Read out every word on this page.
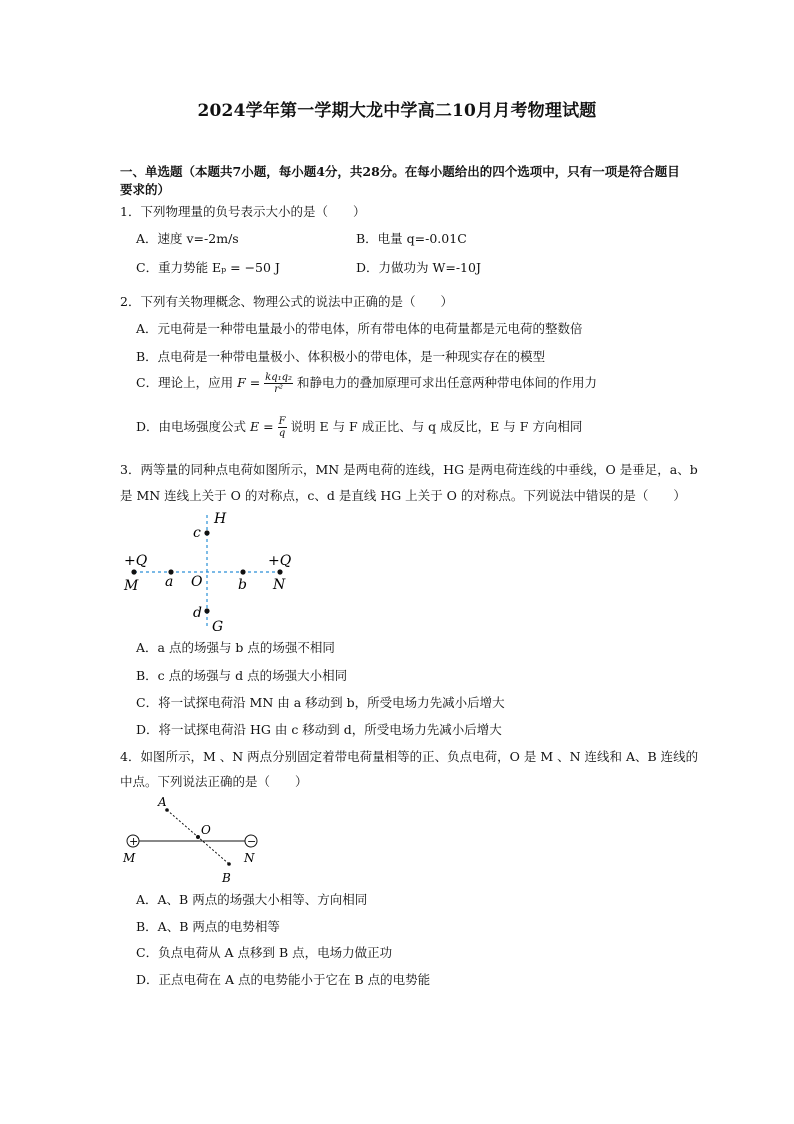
2024学年第一学期大龙中学高二10月月考物理试题
一、单选题（本题共7小题，每小题4分，共28分。在每小题给出的四个选项中，只有一项是符合题目
要求的）
1．下列物理量的负号表示大小的是（　　）
A．速度 v=-2m/s	B．电量 q=-0.01C
C．重力势能 Eₚ = −50 J	D．力做功为 W=-10J
2．下列有关物理概念、物理公式的说法中正确的是（　　）
A．元电荷是一种带电量最小的带电体，所有带电体的电荷量都是元电荷的整数倍
B．点电荷是一种带电量极小、体积极小的带电体，是一种现实存在的模型
C．理论上，应用 $F = \frac{\text{kq₁q₂}}{\text{r²}}$ 和静电力的叠加原理可求出任意两种带电体间的作用力
D．由电场强度公式 $E = \frac{F}{q}$ 说明 E 与 F 成正比、与 q 成反比，E 与 F 方向相同
3．两等量的同种点电荷如图所示，MN 是两电荷的连线，HG 是两电荷连线的中垂线，O 是垂足，a、b
是 MN 连线上关于 O 的对称点，c、d 是直线 HG 上关于 O 的对称点。下列说法中错误的是（　　）
H
c
+Q	+Q
M a O	b N
d
G
A．a 点的场强与 b 点的场强不相同
B．c 点的场强与 d 点的场强大小相同
C．将一试探电荷沿 MN 由 a 移动到 b，所受电场力先减小后增大
D．将一试探电荷沿 HG 由 c 移动到 d，所受电场力先减小后增大
4．如图所示，M 、N 两点分别固定着带电荷量相等的正、负点电荷，O 是 M 、N 连线和 A、B 连线的
中点。下列说法正确的是（　　）
+	−
A
O
M	N
B
A．A、B 两点的场强大小相等、方向相同
B．A、B 两点的电势相等
C．负点电荷从 A 点移到 B 点，电场力做正功
D．正点电荷在 A 点的电势能小于它在 B 点的电势能
